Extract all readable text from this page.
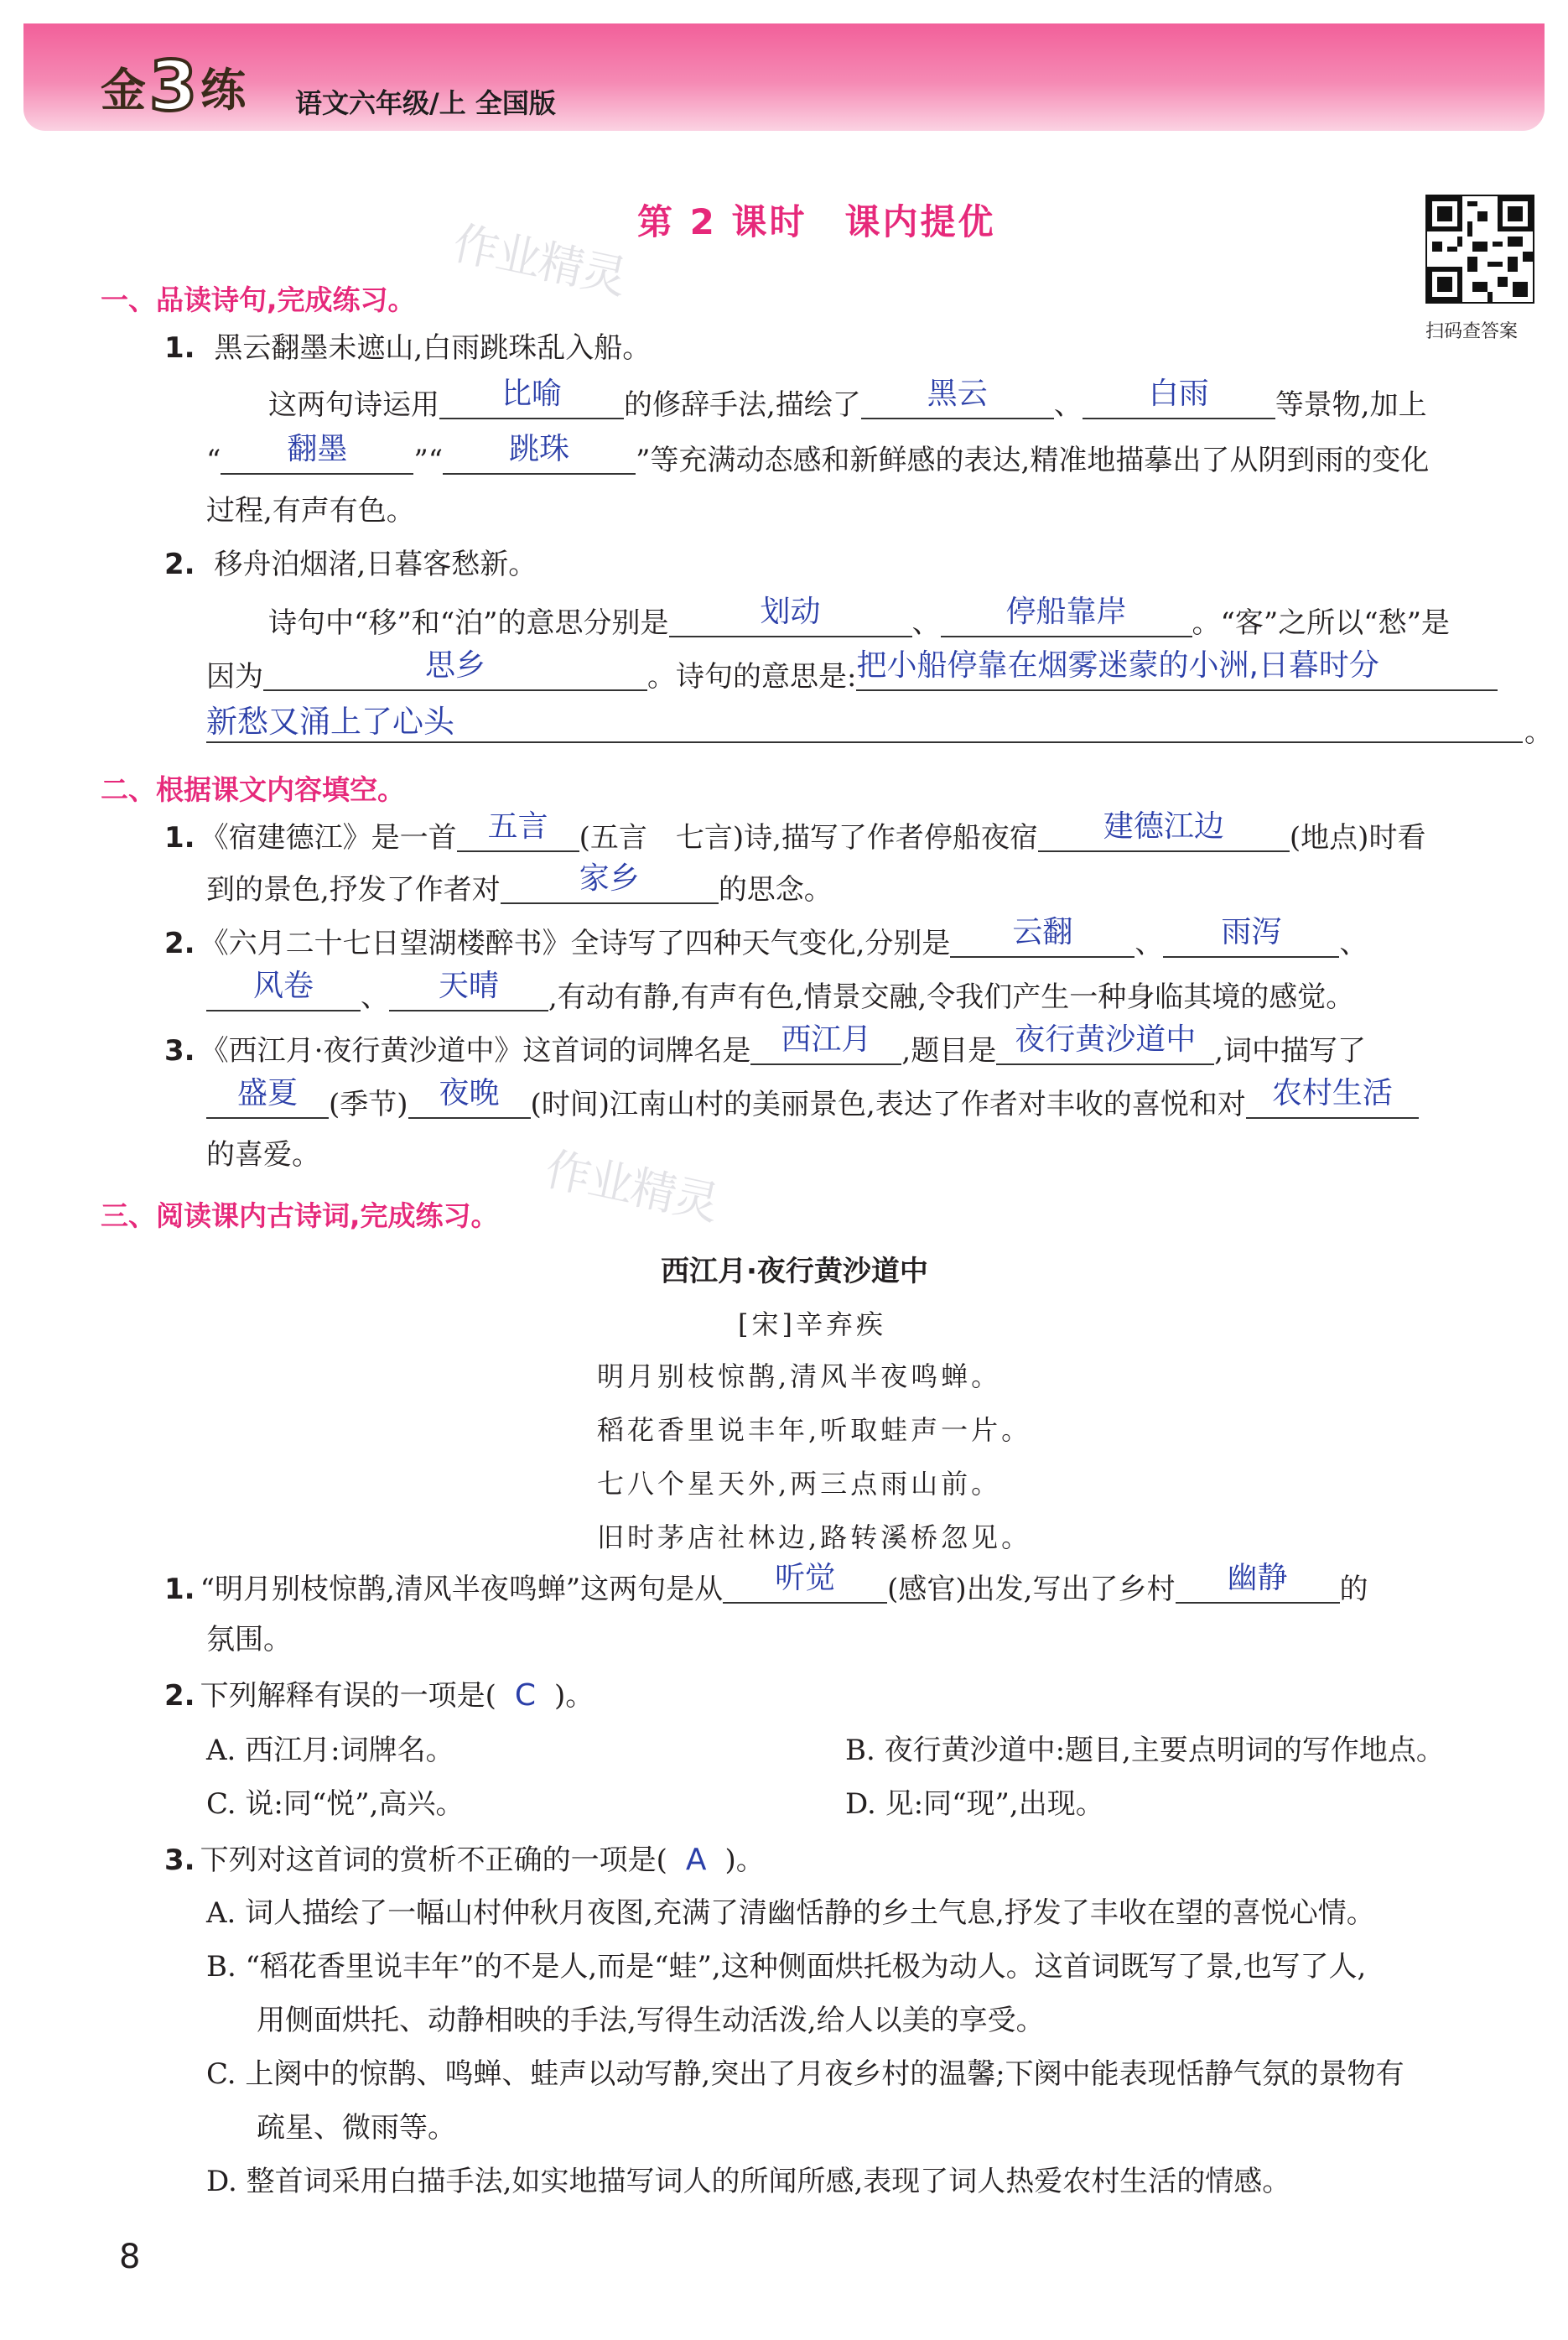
金 3 练 语文六年级/上 全国版
第 2 课时　课内提优
扫码查答案
作业精灵
作业精灵
一、品读诗句,完成练习。
1. 黑云翻墨未遮山,白雨跳珠乱入船。
这两句诗运用	比喻	的修辞手法,描绘了	黑云	、	白雨	等景物,加上
“	翻墨	”“	跳珠	”等充满动态感和新鲜感的表达,精准地描摹出了从阴到雨的变化
过程,有声有色。
2. 移舟泊烟渚,日暮客愁新。
诗句中“移”和“泊”的意思分别是	划动	、	停船靠岸	。“客”之所以“愁”是
因为	思乡	。诗句的意思是: 把小船停靠在烟雾迷蒙的小洲,日暮时分
新愁又涌上了心头	。
二、根据课文内容填空。
1. 《宿建德江》是一首	五言	(五言　七言)诗,描写了作者停船夜宿	建德江边	(地点)时看
到的景色,抒发了作者对	家乡	的思念。
2. 《六月二十七日望湖楼醉书》全诗写了四种天气变化,分别是	云翻	、	雨泻	、
风卷	、	天晴	,有动有静,有声有色,情景交融,令我们产生一种身临其境的感觉。
3. 《西江月·夜行黄沙道中》这首词的词牌名是 西江月	,题目是 夜行黄沙道中 ,词中描写了
盛夏	(季节)	夜晚	(时间)江南山村的美丽景色,表达了作者对丰收的喜悦和对 农村生活
的喜爱。
三、阅读课内古诗词,完成练习。
西江月·夜行黄沙道中
[宋]辛弃疾
明月别枝惊鹊,清风半夜鸣蝉。
稻花香里说丰年,听取蛙声一片。
七八个星天外,两三点雨山前。
旧时茅店社林边,路转溪桥忽见。
1. “明月别枝惊鹊,清风半夜鸣蝉”这两句是从	听觉	(感官)出发,写出了乡村	幽静	的
氛围。
2. 下列解释有误的一项是( C )。
A. 西江月:词牌名。	B. 夜行黄沙道中:题目,主要点明词的写作地点。
C. 说:同“悦”,高兴。	D. 见:同“现”,出现。
3. 下列对这首词的赏析不正确的一项是( A )。
A. 词人描绘了一幅山村仲秋月夜图,充满了清幽恬静的乡土气息,抒发了丰收在望的喜悦心情。
B. “稻花香里说丰年”的不是人,而是“蛙”,这种侧面烘托极为动人。这首词既写了景,也写了人,
用侧面烘托、动静相映的手法,写得生动活泼,给人以美的享受。
C. 上阕中的惊鹊、鸣蝉、蛙声以动写静,突出了月夜乡村的温馨;下阕中能表现恬静气氛的景物有
疏星、微雨等。
D. 整首词采用白描手法,如实地描写词人的所闻所感,表现了词人热爱农村生活的情感。
8
